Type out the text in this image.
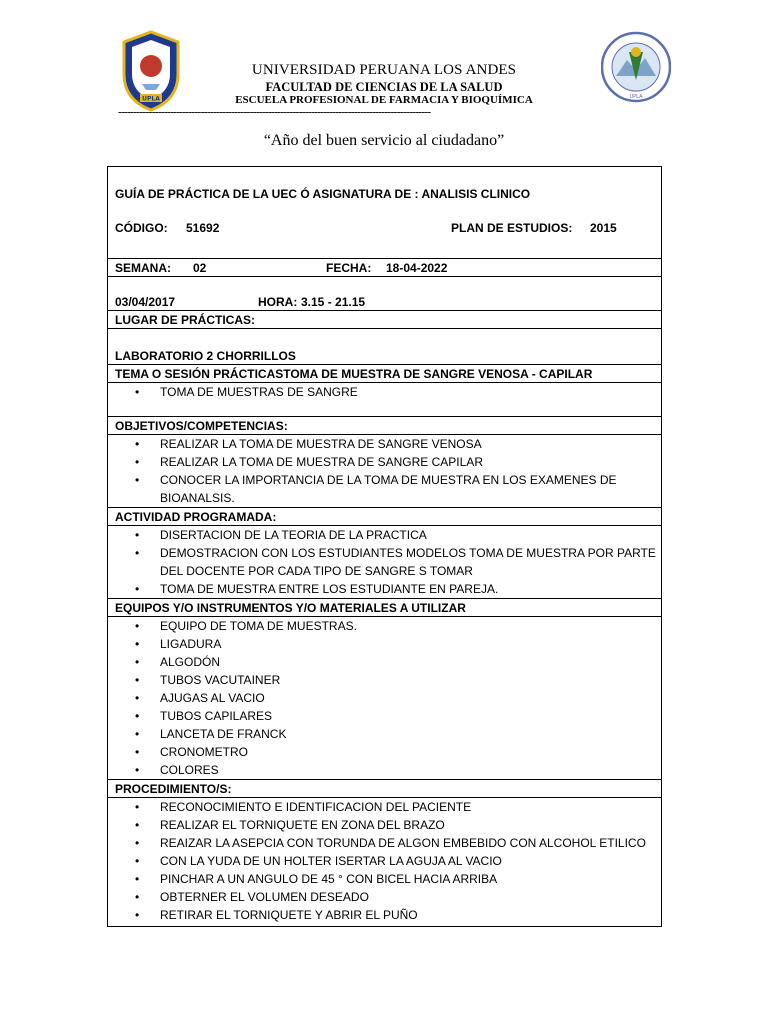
UPLA	UPLA
UNIVERSIDAD PERUANA LOS ANDES
FACULTAD DE CIENCIAS DE LA SALUD
ESCUELA PROFESIONAL DE FARMACIA Y BIOQUÍMICA
------------------------------------------------------------------------------------------------------
“Año del buen servicio al ciudadano”
GUÍA DE PRÁCTICA DE LA UEC Ó ASIGNATURA DE : ANALISIS CLINICO
CÓDIGO: 51692	PLAN DE ESTUDIOS: 2015
SEMANA: 02	FECHA: 18-04-2022
03/04/2017	HORA: 3.15 - 21.15
LUGAR DE PRÁCTICAS:
LABORATORIO 2 CHORRILLOS
TEMA O SESIÓN PRÁCTICASTOMA DE MUESTRA DE SANGRE VENOSA - CAPILAR
• TOMA DE MUESTRAS DE SANGRE
OBJETIVOS/COMPETENCIAS:
• REALIZAR LA TOMA DE MUESTRA DE SANGRE VENOSA
• REALIZAR LA TOMA DE MUESTRA DE SANGRE CAPILAR
• CONOCER LA IMPORTANCIA DE LA TOMA DE MUESTRA EN LOS EXAMENES DE BIOANALSIS.
ACTIVIDAD PROGRAMADA:
• DISERTACION DE LA TEORIA DE LA PRACTICA
• DEMOSTRACION CON LOS ESTUDIANTES MODELOS TOMA DE MUESTRA POR PARTE DEL DOCENTE POR CADA TIPO DE SANGRE S TOMAR
• TOMA DE MUESTRA ENTRE LOS ESTUDIANTE EN PAREJA.
EQUIPOS Y/O INSTRUMENTOS Y/O MATERIALES A UTILIZAR
• EQUIPO DE TOMA DE MUESTRAS.
• LIGADURA
• ALGODÓN
• TUBOS VACUTAINER
• AJUGAS AL VACIO
• TUBOS CAPILARES
• LANCETA DE FRANCK
• CRONOMETRO
• COLORES
PROCEDIMIENTO/S:
• RECONOCIMIENTO E IDENTIFICACION DEL PACIENTE
• REALIZAR EL TORNIQUETE EN ZONA DEL BRAZO
• REAIZAR LA ASEPCIA CON TORUNDA DE ALGON EMBEBIDO CON ALCOHOL ETILICO
• CON LA YUDA DE UN HOLTER ISERTAR LA AGUJA AL VACIO
• PINCHAR A UN ANGULO DE 45 ° CON BICEL HACIA ARRIBA
• OBTERNER EL VOLUMEN DESEADO
• RETIRAR EL TORNIQUETE Y ABRIR EL PUÑO
